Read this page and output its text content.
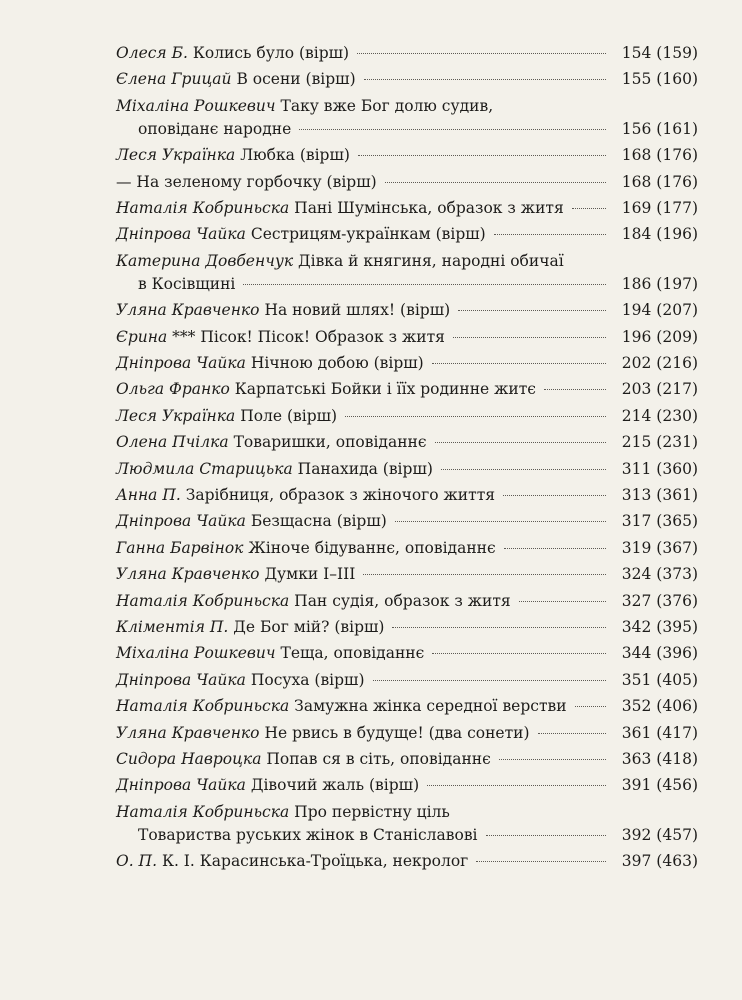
Олеся Б. Колись було (вірш)	154 (159)
Єлена Грицай В осени (вірш)	155 (160)
Міхаліна Рошкевич Таку вже Бог долю судив,
оповіданє народне	156 (161)
Леся Українка Любка (вірш)	168 (176)
— На зеленому горбочку (вірш)	168 (176)
Наталія Кобриньска Пані Шумінська, образок з житя	169 (177)
Дніпрова Чайка Сестрицям-українкам (вірш)	184 (196)
Катерина Довбенчук Дівка й княгиня, народні обичаї
в Косівщині	186 (197)
Уляна Кравченко На новий шлях! (вірш)	194 (207)
Єрина *** Пісок! Пісок! Образок з житя	196 (209)
Дніпрова Чайка Нічною добою (вірш)	202 (216)
Ольга Франко Карпатські Бойки і їїх родинне житє	203 (217)
Леся Українка Поле (вірш)	214 (230)
Олена Пчілка Товаришки, оповіданнє	215 (231)
Людмила Старицька Панахида (вірш)	311 (360)
Анна П. Зарібниця, образок з жіночого життя	313 (361)
Дніпрова Чайка Безщасна (вірш)	317 (365)
Ганна Барвінок Жіноче бідуваннє, оповіданнє	319 (367)
Уляна Кравченко Думки I–III	324 (373)
Наталія Кобриньска Пан судія, образок з житя	327 (376)
Кліментія П. Де Бог мій? (вірш)	342 (395)
Міхаліна Рошкевич Теща, оповіданнє	344 (396)
Дніпрова Чайка Посуха (вірш)	351 (405)
Наталія Кобриньска Замужна жінка середної верстви	352 (406)
Уляна Кравченко Не рвись в будуще! (два сонети)	361 (417)
Сидора Навроцка Попав ся в сіть, оповіданнє	363 (418)
Дніпрова Чайка Дівочий жаль (вірш)	391 (456)
Наталія Кобриньска Про первістну ціль
Товариства руських жінок в Станіславові	392 (457)
О. П. К. І. Карасинська-Троїцька, некролог	397 (463)
